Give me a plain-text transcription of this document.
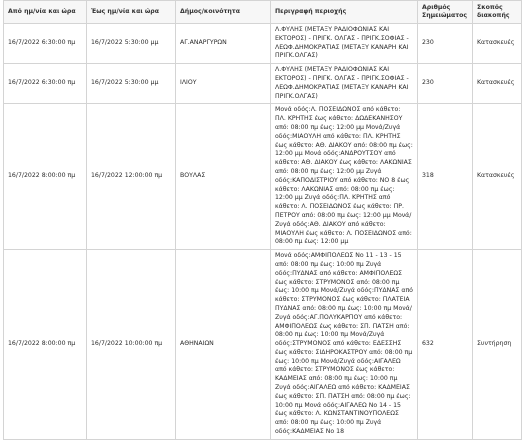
Από ημ/νία και ώρα	Έως ημ/νία και ώρα	Δήμος/κοινότητα	Περιγραφή περιοχής	Αριθμός Σημειώματος	Σκοπός διακοπής
16/7/2022 6:30:00 πμ	16/7/2022 5:30:00 μμ	ΑΓ.ΑΝΑΡΓΥΡΩΝ	Λ.ΦΥΛΗΣ (ΜΕΤΑΞΥ ΡΑΔΙΟΦΩΝΙΑΣ ΚΑΙ ΕΚΤΟΡΟΣ) - ΠΡΙΓΚ. ΟΛΓΑΣ - ΠΡΙΓΚ.ΣΟΦΙΑΣ - ΛΕΩΦ.ΔΗΜΟΚΡΑΤΙΑΣ (ΜΕΤΑΞΥ ΚΑΝΑΡΗ ΚΑΙ ΠΡΙΓΚ.ΟΛΓΑΣ)	230	Κατασκευές
16/7/2022 6:30:00 πμ	16/7/2022 5:30:00 μμ	ΙΛΙΟΥ	Λ.ΦΥΛΗΣ (ΜΕΤΑΞΥ ΡΑΔΙΟΦΩΝΙΑΣ ΚΑΙ ΕΚΤΟΡΟΣ) - ΠΡΙΓΚ. ΟΛΓΑΣ - ΠΡΙΓΚ.ΣΟΦΙΑΣ - ΛΕΩΦ.ΔΗΜΟΚΡΑΤΙΑΣ (ΜΕΤΑΞΥ ΚΑΝΑΡΗ ΚΑΙ ΠΡΙΓΚ.ΟΛΓΑΣ)	230	Κατασκευές
16/7/2022 8:00:00 πμ	16/7/2022 12:00:00 πμ	ΒΟΥΛΑΣ	Μονά οδός:Λ. ΠΟΣΕΙΔΩΝΟΣ από κάθετο: ΠΛ. ΚΡΗΤΗΣ έως κάθετο: ΔΩΔΕΚΑΝΗΣΟΥ από: 08:00 πμ έως: 12:00 μμ Μονά/Ζυγά οδός:ΜΙΑΟΥΛΗ από κάθετο: ΠΛ. ΚΡΗΤΗΣ έως κάθετο: ΑΘ. ΔΙΑΚΟΥ από: 08:00 πμ έως: 12:00 μμ Μονά οδός:ΑΝΔΡΟΥΤΣΟΥ από κάθετο: ΑΘ. ΔΙΑΚΟΥ έως κάθετο: ΛΑΚΩΝΙΑΣ από: 08:00 πμ έως: 12:00 μμ Ζυγά οδός:ΚΑΠΟΔΙΣΤΡΙΟΥ από κάθετο: ΝΟ 8 έως κάθετο: ΛΑΚΩΝΙΑΣ από: 08:00 πμ έως: 12:00 μμ Ζυγά οδός:ΠΛ. ΚΡΗΤΗΣ από κάθετο: Λ. ΠΟΣΕΙΔΩΝΟΣ έως κάθετο: ΠΡ. ΠΕΤΡΟΥ από: 08:00 πμ έως: 12:00 μμ Μονά/Ζυγά οδός:ΑΘ. ΔΙΑΚΟΥ από κάθετο: ΜΙΑΟΥΛΗ έως κάθετο: Λ. ΠΟΣΕΙΔΩΝΟΣ από: 08:00 πμ έως: 12:00 μμ	318	Κατασκευές
16/7/2022 8:00:00 πμ	16/7/2022 10:00:00 πμ	ΑΘΗΝΑΙΩΝ	Μονά οδός:ΑΜΦΙΠΟΛΕΩΣ Νο 11 - 13 - 15 από: 08:00 πμ έως: 10:00 πμ Ζυγά οδός:ΠΥΔΝΑΣ από κάθετο: ΑΜΦΙΠΟΛΕΩΣ έως κάθετο: ΣΤΡΥΜΟΝΟΣ από: 08:00 πμ έως: 10:00 πμ Μονά/Ζυγά οδός:ΠΥΔΝΑΣ από κάθετο: ΣΤΡΥΜΟΝΟΣ έως κάθετο: ΠΛΑΤΕΙΑ ΠΥΔΝΑΣ από: 08:00 πμ έως: 10:00 πμ Μονά/Ζυγά οδός:ΑΓ.ΠΟΛΥΚΑΡΠΟΥ από κάθετο: ΑΜΦΙΠΟΛΕΩΣ έως κάθετο: ΣΠ. ΠΑΤΣΗ από: 08:00 πμ έως: 10:00 πμ Μονά/Ζυγά οδός:ΣΤΡΥΜΟΝΟΣ από κάθετο: ΕΔΕΣΣΗΣ έως κάθετο: ΣΙΔΗΡΟΚΑΣΤΡΟΥ από: 08:00 πμ έως: 10:00 πμ Μονά/Ζυγά οδός:ΑΙΓΑΛΕΩ από κάθετο: ΣΤΡΥΜΟΝΟΣ έως κάθετο: ΚΑΔΜΕΙΑΣ από: 08:00 πμ έως: 10:00 πμ Ζυγά οδός:ΑΙΓΑΛΕΩ από κάθετο: ΚΑΔΜΕΙΑΣ έως κάθετο: ΣΠ. ΠΑΤΣΗ από: 08:00 πμ έως: 10:00 πμ Μονά οδός:ΑΙΓΑΛΕΩ Νο 14 - 15 έως κάθετο: Λ. ΚΩΝΣΤΑΝΤΙΝΟΥΠΟΛΕΩΣ από: 08:00 πμ έως: 10:00 πμ Ζυγά οδός:ΚΑΔΜΕΙΑΣ Νο 18	632	Συντήρηση
